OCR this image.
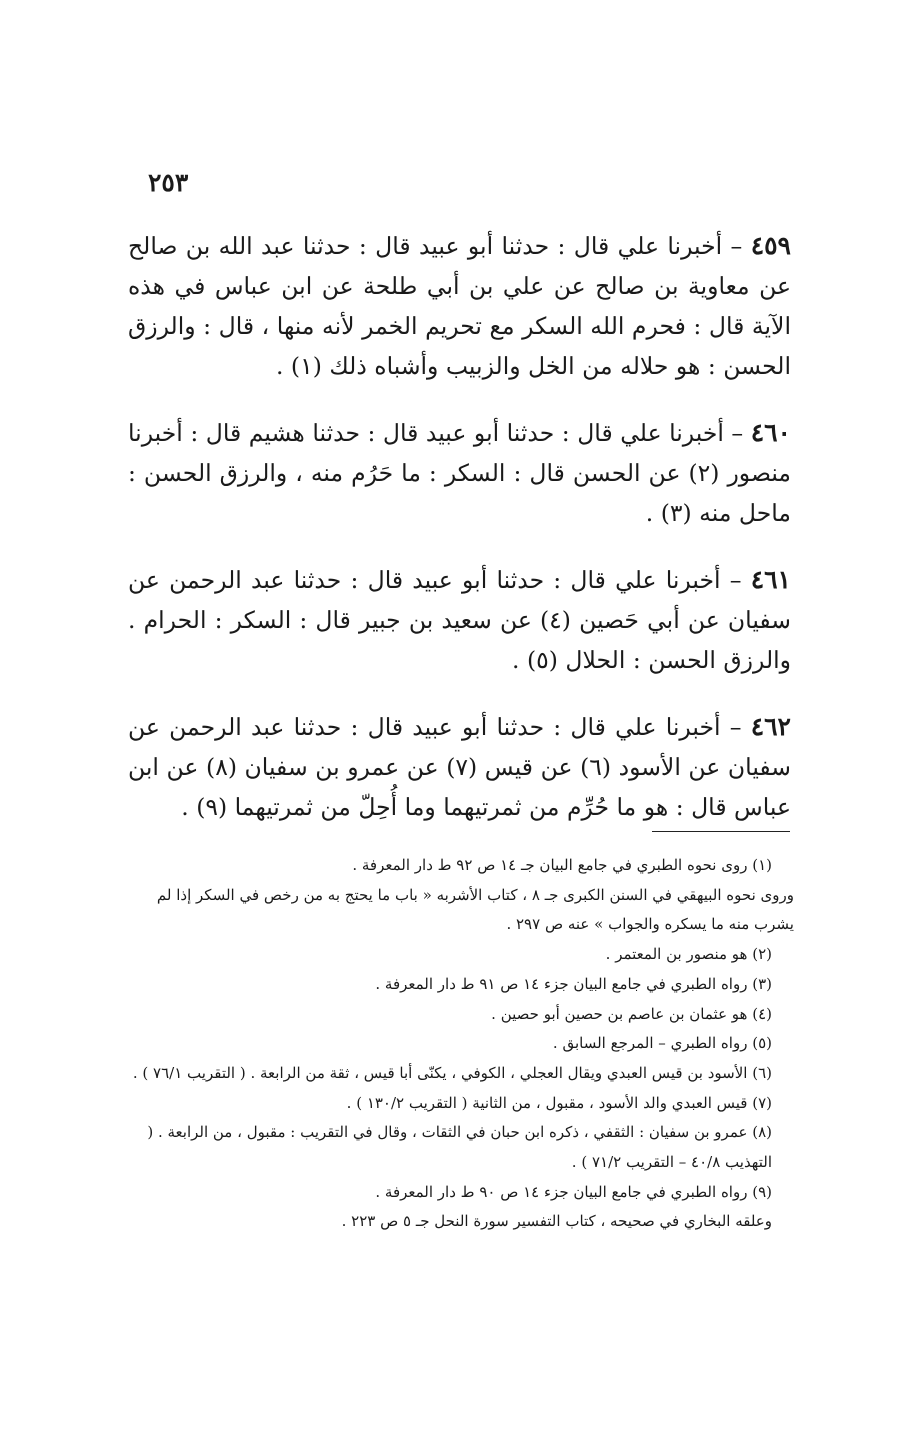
٢٥٣

٤٥٩ – أخبرنا علي قال : حدثنا أبو عبيد قال : حدثنا عبد الله بن صالح عن معاوية بن صالح عن علي بن أبي طلحة عن ابن عباس في هذه الآية قال : فحرم الله السكر مع تحريم الخمر لأنه منها ، قال : والرزق الحسن : هو حلاله من الخل والزبيب وأشباه ذلك (١) .

٤٦٠ – أخبرنا علي قال : حدثنا أبو عبيد قال : حدثنا هشيم قال : أخبرنا منصور (٢) عن الحسن قال : السكر : ما حَرُم منه ، والرزق الحسن : ماحل منه (٣) .

٤٦١ – أخبرنا علي قال : حدثنا أبو عبيد قال : حدثنا عبد الرحمن عن سفيان عن أبي حَصين (٤) عن سعيد بن جبير قال : السكر : الحرام . والرزق الحسن : الحلال (٥) .

٤٦٢ – أخبرنا علي قال : حدثنا أبو عبيد قال : حدثنا عبد الرحمن عن سفيان عن الأسود (٦) عن قيس (٧) عن عمرو بن سفيان (٨) عن ابن عباس قال : هو ما حُرِّم من ثمرتيهما وما أُحِلّ من ثمرتيهما (٩) .

(١) روى نحوه الطبري في جامع البيان جـ ١٤ ص ٩٢ ط دار المعرفة .

وروى نحوه البيهقي في السنن الكبرى جـ ٨ ، كتاب الأشربه « باب ما يحتج به من رخص في السكر إذا لم يشرب منه ما يسكره والجواب » عنه ص ٢٩٧ .

(٢) هو منصور بن المعتمر .

(٣) رواه الطبري في جامع البيان جزء ١٤ ص ٩١ ط دار المعرفة .

(٤) هو عثمان بن عاصم بن حصين أبو حصين .

(٥) رواه الطبري – المرجع السابق .

(٦) الأسود بن قيس العبدي ويقال العجلي ، الكوفي ، يكنّى أبا قيس ، ثقة من الرابعة . ( التقريب ٧٦/١ ) .

(٧) قيس العبدي والد الأسود ، مقبول ، من الثانية ( التقريب ١٣٠/٢ ) .

(٨) عمرو بن سفيان : الثقفي ، ذكره ابن حبان في الثقات ، وقال في التقريب : مقبول ، من الرابعة . ( التهذيب ٤٠/٨ – التقريب ٧١/٢ ) .

(٩) رواه الطبري في جامع البيان جزء ١٤ ص ٩٠ ط دار المعرفة .

وعلقه البخاري في صحيحه ، كتاب التفسير سورة النحل جـ ٥ ص ٢٢٣ .
